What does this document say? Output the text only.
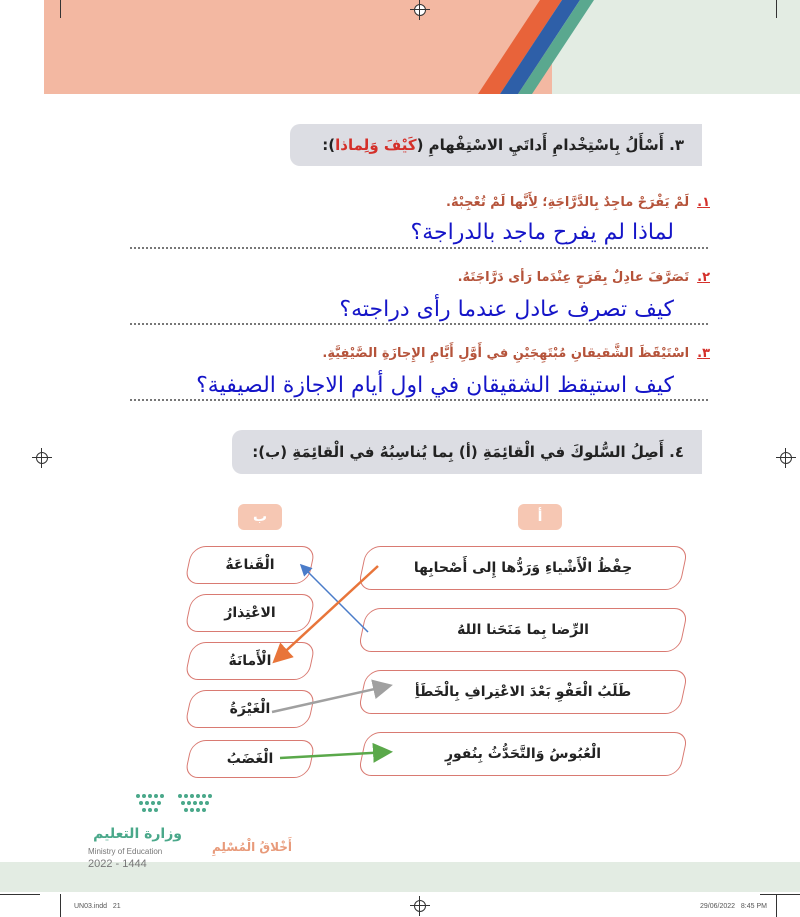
٣. أَسْأَلُ بِاسْتِخْدامِ أَداتَيِ الاسْتِفْهامِ (
كَيْفَ وَلِماذا
):
١.لَمْ يَفْرَحْ ماجِدٌ بِالدَّرَّاجَةِ؛ لِأَنَّها لَمْ تُعْجِبْهُ.
لماذا لم يفرح ماجد بالدراجة؟
٢.تَصَرَّفَ عادِلٌ بِفَرَحٍ عِنْدَما رَأى دَرَّاجَتَهُ.
كيف تصرف عادل عندما رأى دراجته؟
٣.اسْتَيْقَظَ الشَّقيقانِ مُبْتَهِجَيْنِ في أَوَّلِ أَيَّامِ الإِجازَةِ الصَّيْفِيَّةِ.
كيف استيقظ الشقيقان في اول أيام الاجازة الصيفية؟
٤. أَصِلُ السُّلوكَ في الْقائِمَةِ (أ) بِما يُناسِبُهُ في الْقائِمَةِ (ب):
ب	أ
الْقَناعَةُ
الاعْتِذارُ
الْأَمانَةُ
الْغَيْرَةُ
الْغَضَبُ
حِفْظُ الْأَشْياءِ وَرَدُّها إِلى أَصْحابِها
الرِّضا بِما مَنَحَنا اللهُ
طَلَبُ الْعَفْوِ بَعْدَ الاعْتِرافِ بِالْخَطَأِ
الْعُبُوسُ وَالتَّحَدُّثُ بِنُفورٍ
وزارة التعليم
Ministry of Education
2022 - 1444
أَخْلاقُ الْمُسْلِمِ
UN03.indd   21	29/06/2022   8:45 PM
